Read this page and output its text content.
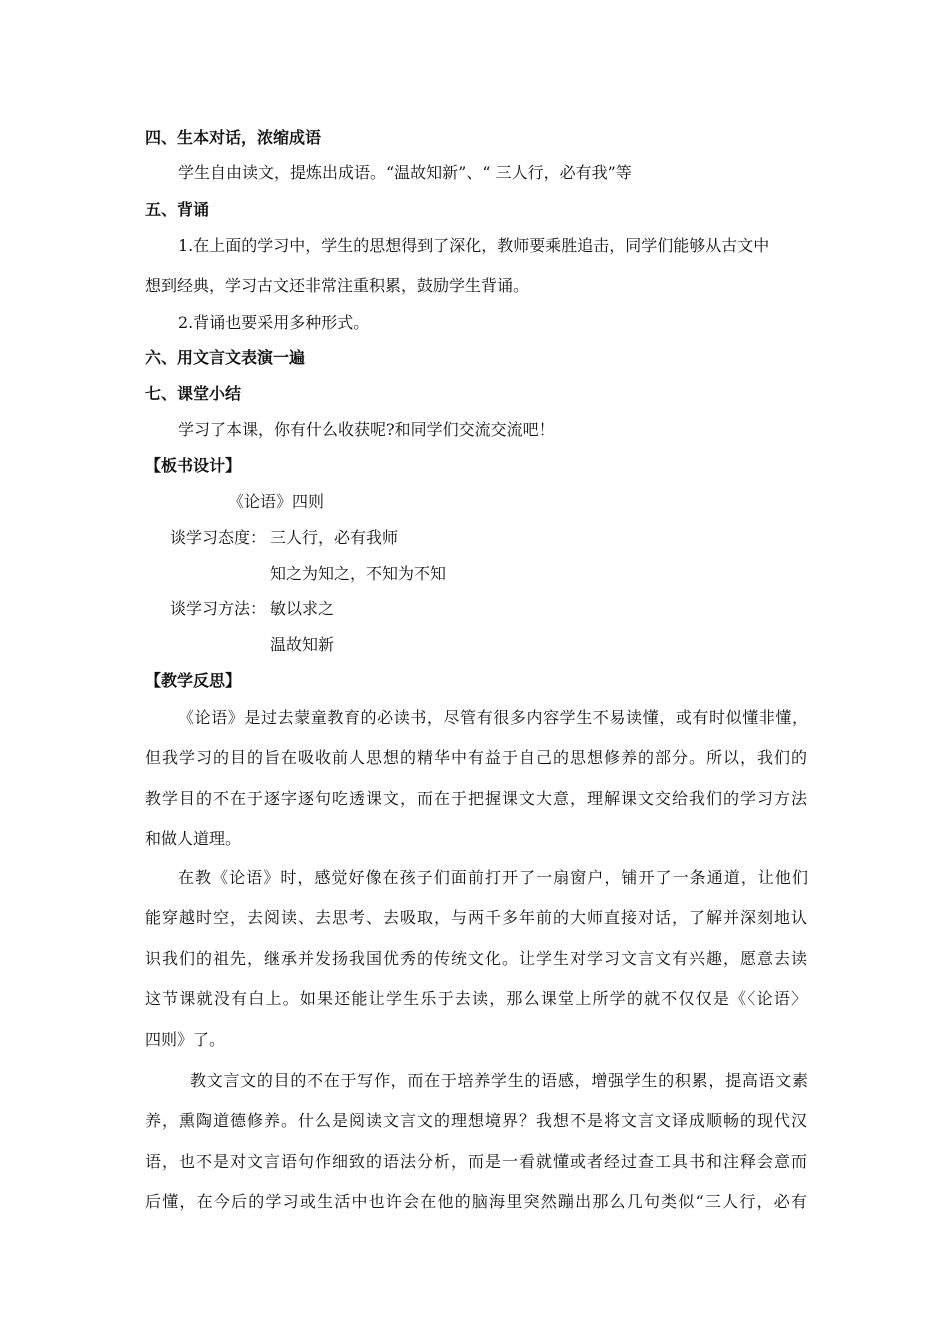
四、生本对话，浓缩成语
学生自由读文，提炼出成语。“温故知新”、“ 三人行，必有我”等
五、背诵
1.在上面的学习中，学生的思想得到了深化，教师要乘胜追击，同学们能够从古文中
想到经典，学习古文还非常注重积累，鼓励学生背诵。
2.背诵也要采用多种形式。
六、用文言文表演一遍
七、课堂小结
学习了本课，你有什么收获呢?和同学们交流交流吧！
【板书设计】
《论语》四则
谈学习态度： 三人行，必有我师
知之为知之，不知为不知
谈学习方法： 敏以求之
温故知新
【教学反思】
《论语》是过去蒙童教育的必读书，尽管有很多内容学生不易读懂，或有时似懂非懂，
但我学习的目的旨在吸收前人思想的精华中有益于自己的思想修养的部分。所以，我们的
教学目的不在于逐字逐句吃透课文，而在于把握课文大意，理解课文交给我们的学习方法
和做人道理。
在教《论语》时，感觉好像在孩子们面前打开了一扇窗户，铺开了一条通道，让他们
能穿越时空，去阅读、去思考、去吸取，与两千多年前的大师直接对话，了解并深刻地认
识我们的祖先，继承并发扬我国优秀的传统文化。让学生对学习文言文有兴趣，愿意去读
这节课就没有白上。如果还能让学生乐于去读，那么课堂上所学的就不仅仅是《〈论语〉
四则》了。
教文言文的目的不在于写作，而在于培养学生的语感，增强学生的积累，提高语文素
养，熏陶道德修养。什么是阅读文言文的理想境界？我想不是将文言文译成顺畅的现代汉
语，也不是对文言语句作细致的语法分析，而是一看就懂或者经过查工具书和注释会意而
后懂，在今后的学习或生活中也许会在他的脑海里突然蹦出那么几句类似“三人行，必有
